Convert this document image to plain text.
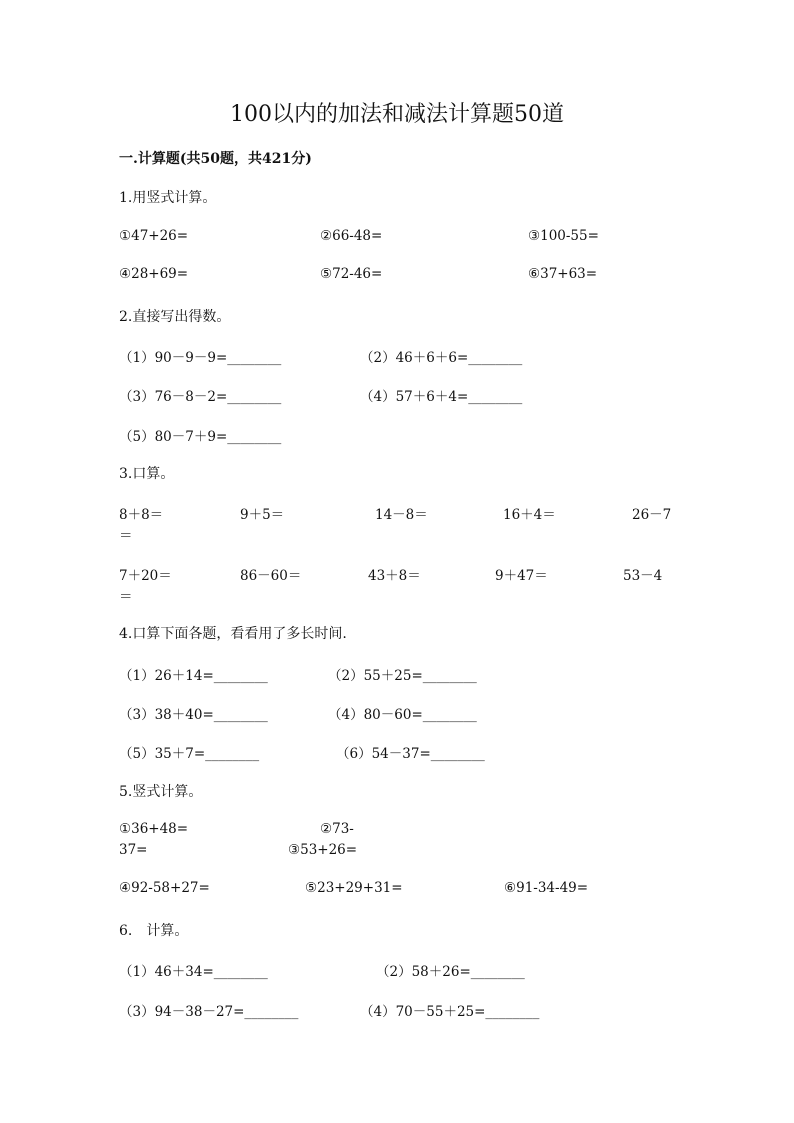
100以内的加法和减法计算题50道
一.计算题(共50题，共421分)
1.用竖式计算。
①47+26=	②66-48=	③100-55=
④28+69=	⑤72-46=	⑥37+63=
2.直接写出得数。
（1）90－9－9=________	（2）46＋6＋6=________
（3）76－8－2=________	（4）57＋6＋4=________
（5）80－7＋9=________
3.口算。
8＋8＝	9＋5＝	14－8＝	16＋4＝	26－7
＝
7＋20＝	86－60＝	43＋8＝	9＋47＝	53－4
＝
4.口算下面各题，看看用了多长时间.
（1）26＋14=________	（2）55＋25=________
（3）38＋40=________	（4）80－60=________
（5）35＋7=________	（6）54－37=________
5.竖式计算。
①36+48=	②73-
37=	③53+26=
④92-58+27=	⑤23+29+31=	⑥91-34-49=
6.　计算。
（1）46＋34=________	（2）58＋26=________
（3）94－38－27=________	（4）70－55＋25=________
